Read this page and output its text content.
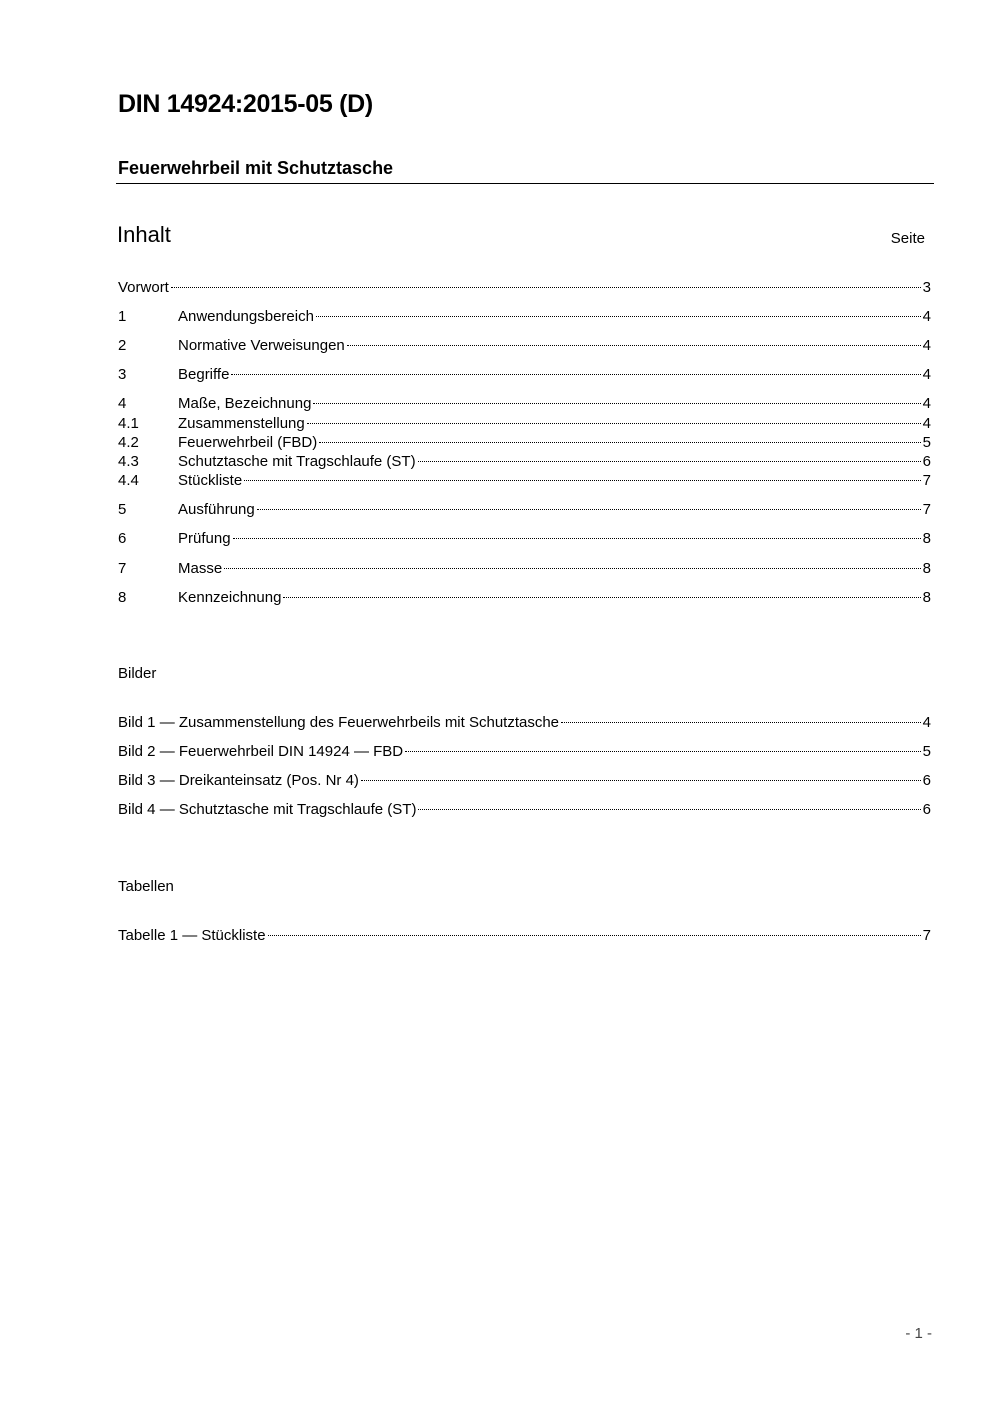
DIN 14924:2015-05 (D)
Feuerwehrbeil mit Schutztasche
Inhalt	Seite
Vorwort	3
1	Anwendungsbereich	4
2	Normative Verweisungen	4
3	Begriffe	4
4	Maße, Bezeichnung	4
4.1	Zusammenstellung	4
4.2	Feuerwehrbeil (FBD)	5
4.3	Schutztasche mit Tragschlaufe (ST)	6
4.4	Stückliste	7
5	Ausführung	7
6	Prüfung	8
7	Masse	8
8	Kennzeichnung	8
Bilder
Bild 1 — Zusammenstellung des Feuerwehrbeils mit Schutztasche	4
Bild 2 — Feuerwehrbeil DIN 14924 — FBD	5
Bild 3 — Dreikanteinsatz (Pos. Nr 4)	6
Bild 4 — Schutztasche mit Tragschlaufe (ST)	6
Tabellen
Tabelle 1 — Stückliste	7
- 1 -
